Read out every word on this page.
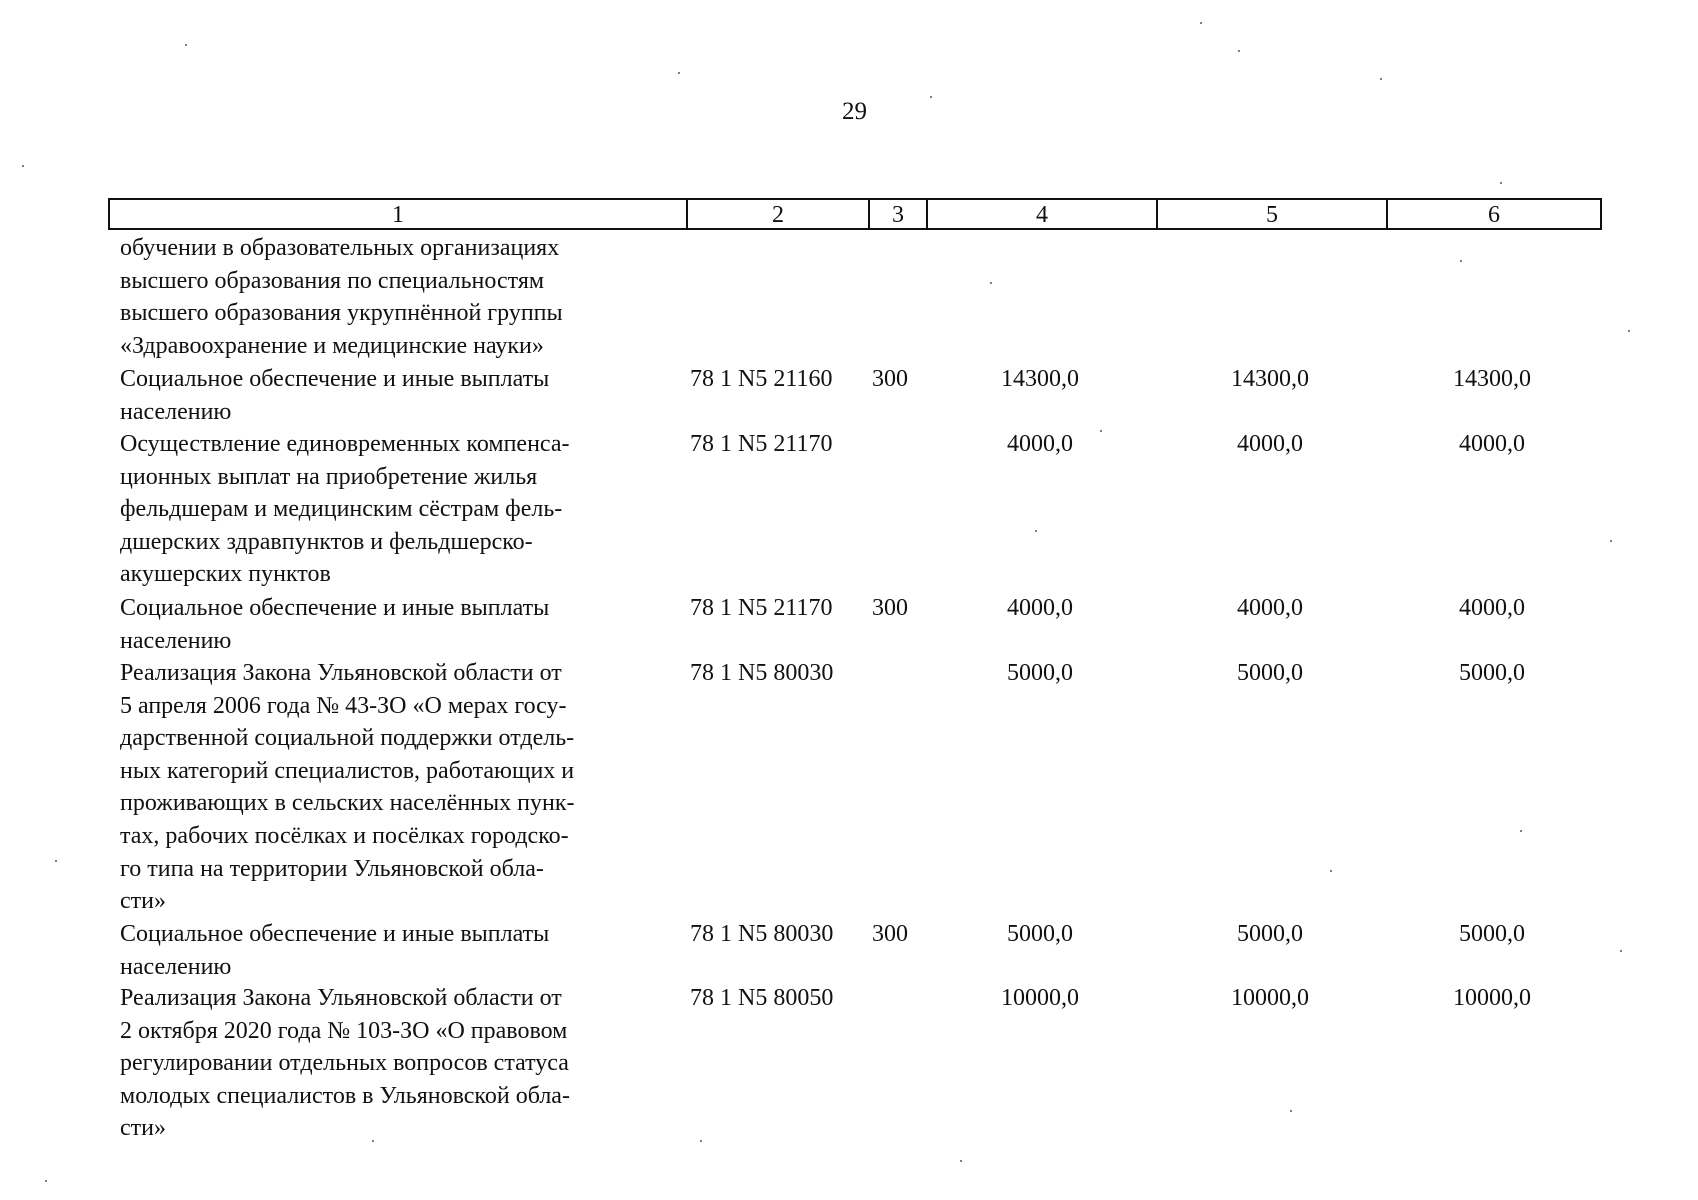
29
1	2	3	4	5	6
обучении в образовательных организациях
высшего образования по специальностям
высшего образования укрупнённой группы
«Здравоохранение и медицинские науки»
Социальное обеспечение и иные выплаты
населению
78 1 N5 21160 300	14300,0	14300,0	14300,0
Осуществление единовременных компенса-
ционных выплат на приобретение жилья
фельдшерам и медицинским сёстрам фель-
дшерских здравпунктов и фельдшерско-
акушерских пунктов
78 1 N5 21170	4000,0	4000,0	4000,0
Социальное обеспечение и иные выплаты
населению
78 1 N5 21170 300	4000,0	4000,0	4000,0
Реализация Закона Ульяновской области от
5 апреля 2006 года № 43-ЗО «О мерах госу-
дарственной социальной поддержки отдель-
ных категорий специалистов, работающих и
проживающих в сельских населённых пунк-
тах, рабочих посёлках и посёлках городско-
го типа на территории Ульяновской обла-
сти»
78 1 N5 80030	5000,0	5000,0	5000,0
Социальное обеспечение и иные выплаты
населению
78 1 N5 80030 300	5000,0	5000,0	5000,0
Реализация Закона Ульяновской области от
2 октября 2020 года № 103-ЗО «О правовом
регулировании отдельных вопросов статуса
молодых специалистов в Ульяновской обла-
сти»
78 1 N5 80050	10000,0	10000,0	10000,0
